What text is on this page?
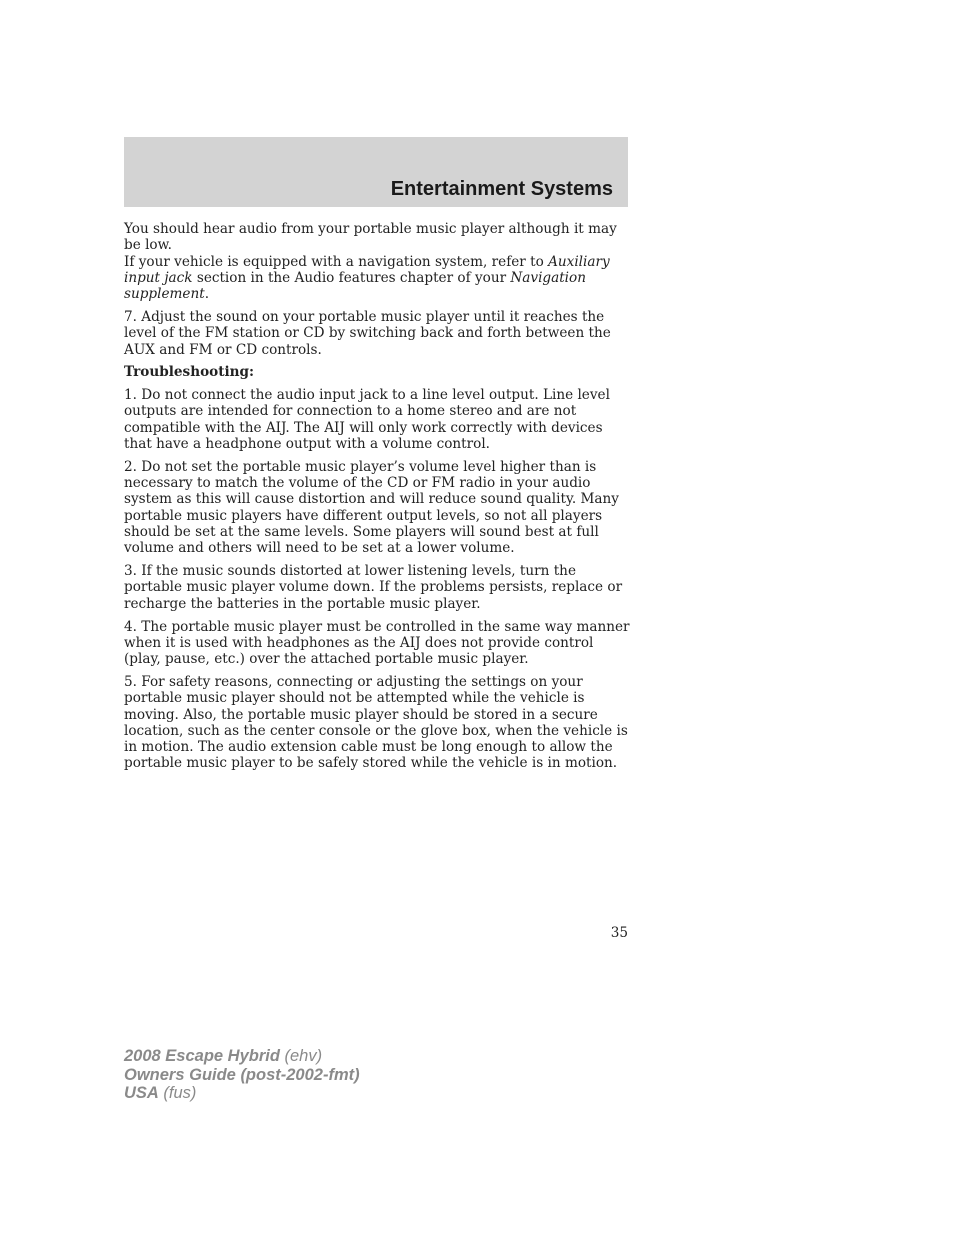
Entertainment Systems

You should hear audio from your portable music player although it may be low.

If your vehicle is equipped with a navigation system, refer to Auxiliary input jack section in the Audio features chapter of your Navigation supplement.

7. Adjust the sound on your portable music player until it reaches the level of the FM station or CD by switching back and forth between the AUX and FM or CD controls.

Troubleshooting:

1. Do not connect the audio input jack to a line level output. Line level outputs are intended for connection to a home stereo and are not compatible with the AIJ. The AIJ will only work correctly with devices that have a headphone output with a volume control.

2. Do not set the portable music player’s volume level higher than is necessary to match the volume of the CD or FM radio in your audio system as this will cause distortion and will reduce sound quality. Many portable music players have different output levels, so not all players should be set at the same levels. Some players will sound best at full volume and others will need to be set at a lower volume.

3. If the music sounds distorted at lower listening levels, turn the portable music player volume down. If the problems persists, replace or recharge the batteries in the portable music player.

4. The portable music player must be controlled in the same way manner when it is used with headphones as the AIJ does not provide control (play, pause, etc.) over the attached portable music player.

5. For safety reasons, connecting or adjusting the settings on your portable music player should not be attempted while the vehicle is moving. Also, the portable music player should be stored in a secure location, such as the center console or the glove box, when the vehicle is in motion. The audio extension cable must be long enough to allow the portable music player to be safely stored while the vehicle is in motion.

35
2008 Escape Hybrid (ehv)
Owners Guide (post-2002-fmt)
USA (fus)
